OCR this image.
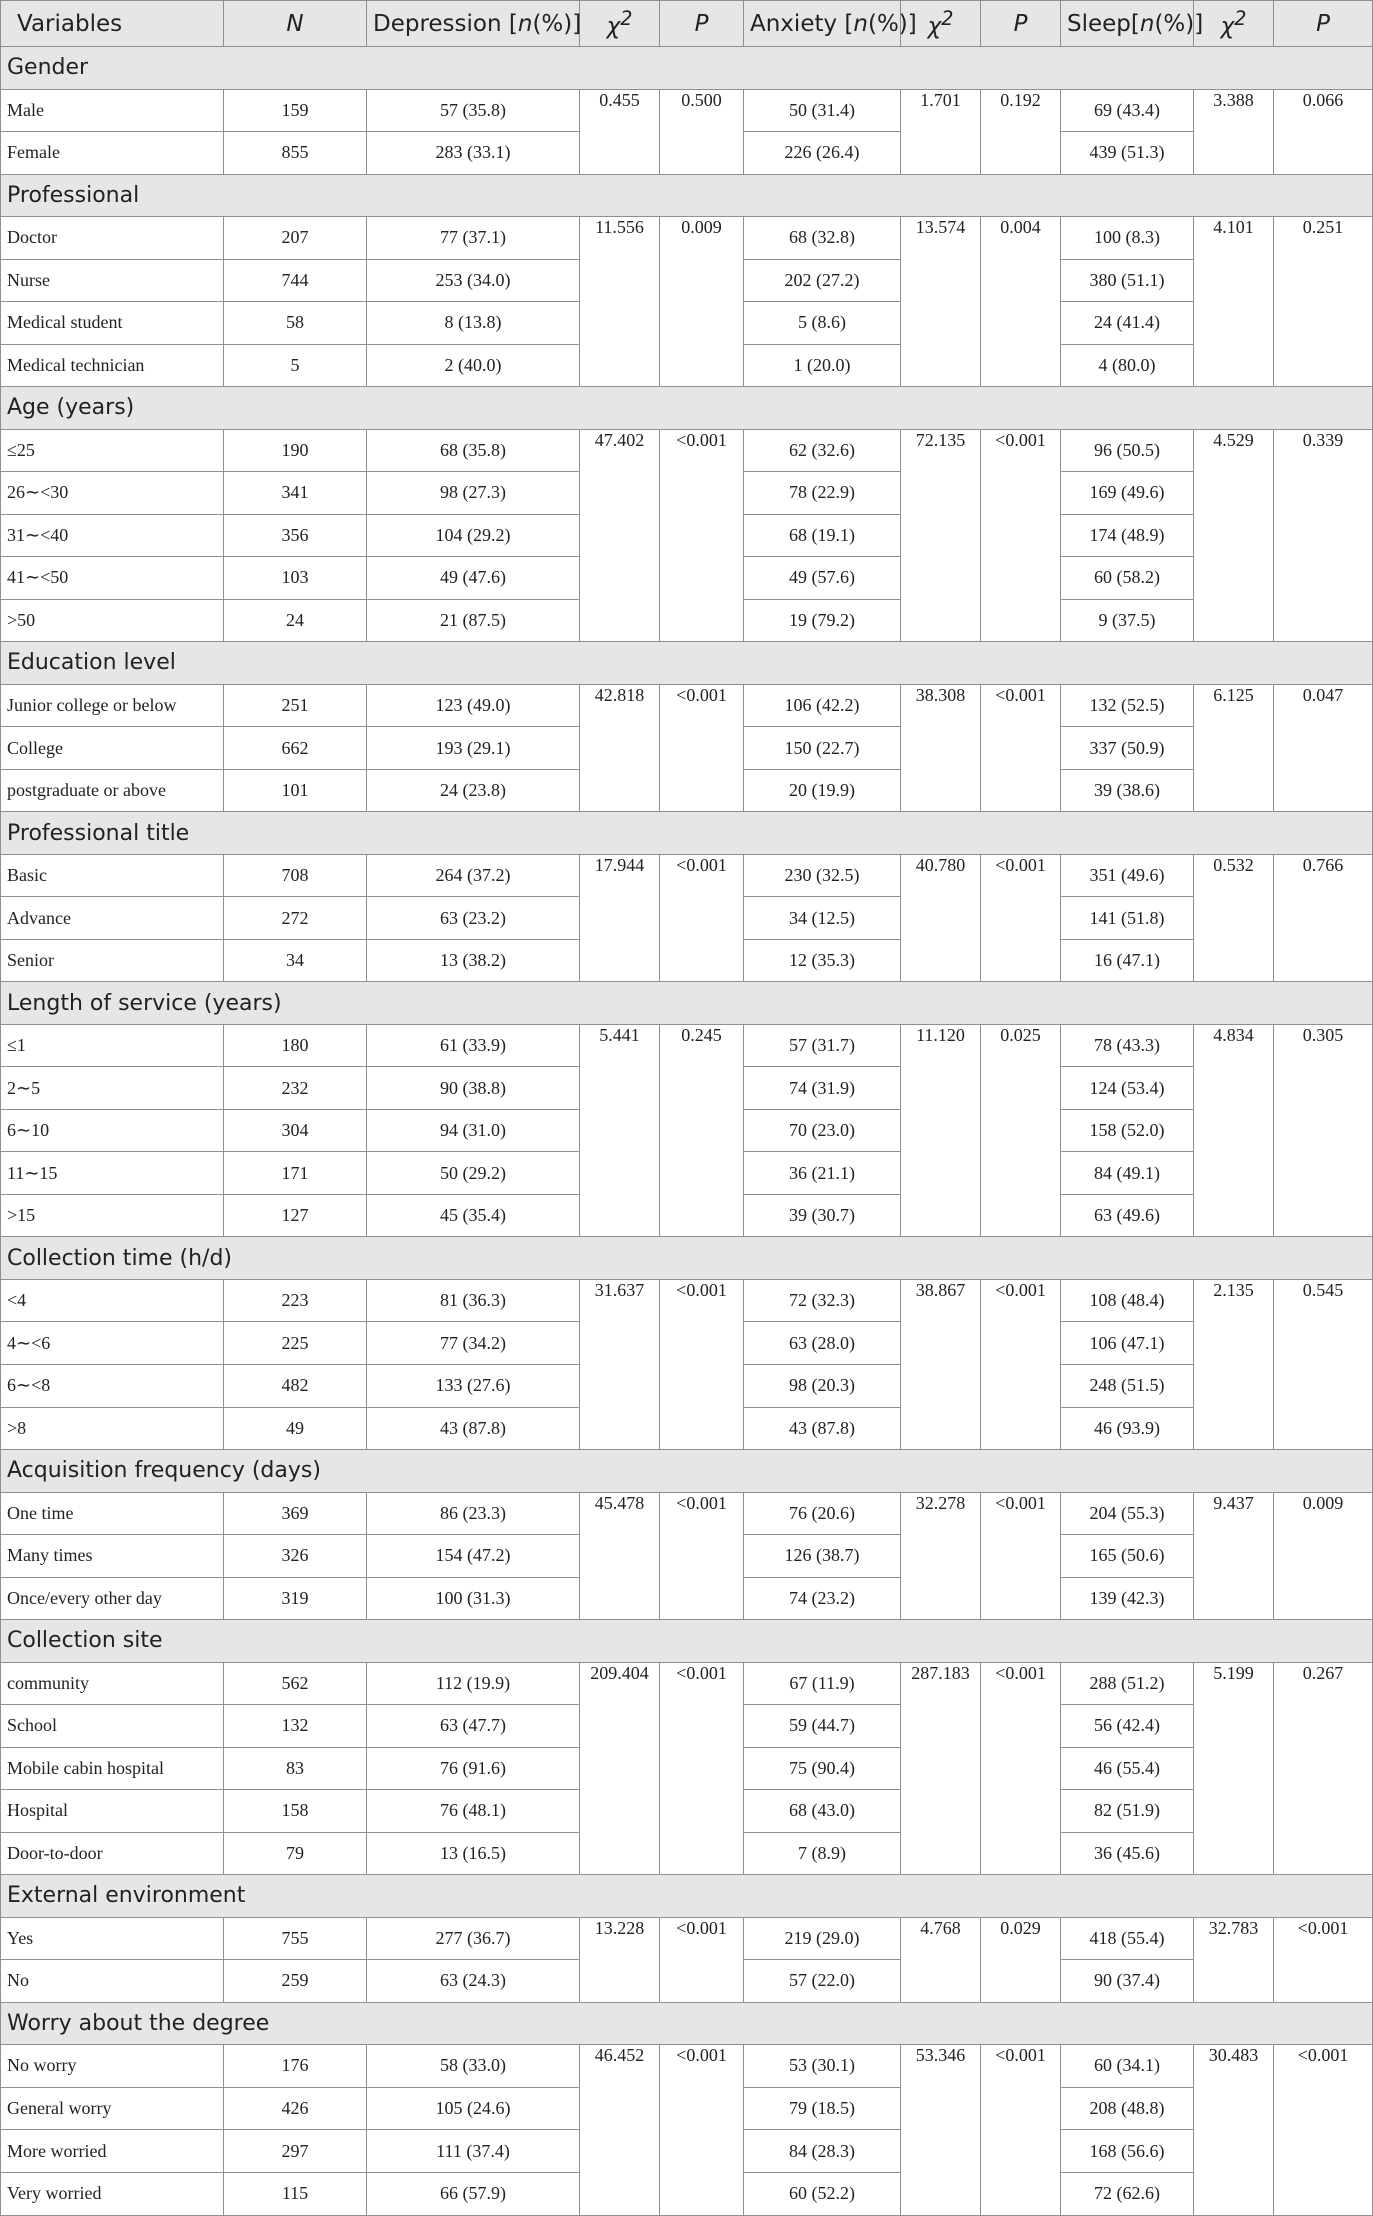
Variables	N	Depression [n(%)]	$\chi^2$	P	Anxiety [n(%)]	$\chi^2$	P	Sleep[n(%)]	$\chi^2$	P
Gender										
Male	159	57 (35.8)	0.455	0.500	50 (31.4)	1.701	0.192	69 (43.4)	3.388	0.066
Female	855	283 (33.1)			226 (26.4)			439 (51.3)		
Professional										
Doctor	207	77 (37.1)	11.556	0.009	68 (32.8)	13.574	0.004	100 (8.3)	4.101	0.251
Nurse	744	253 (34.0)			202 (27.2)			380 (51.1)		
Medical student	58	8 (13.8)			5 (8.6)			24 (41.4)		
Medical technician	5	2 (40.0)			1 (20.0)			4 (80.0)		
Age (years)										
≤25	190	68 (35.8)	47.402	<0.001	62 (32.6)	72.135	<0.001	96 (50.5)	4.529	0.339
26∼<30	341	98 (27.3)			78 (22.9)			169 (49.6)		
31∼<40	356	104 (29.2)			68 (19.1)			174 (48.9)		
41∼<50	103	49 (47.6)			49 (57.6)			60 (58.2)		
>50	24	21 (87.5)			19 (79.2)			9 (37.5)		
Education level										
Junior college or below	251	123 (49.0)	42.818	<0.001	106 (42.2)	38.308	<0.001	132 (52.5)	6.125	0.047
College	662	193 (29.1)			150 (22.7)			337 (50.9)		
postgraduate or above	101	24 (23.8)			20 (19.9)			39 (38.6)		
Professional title										
Basic	708	264 (37.2)	17.944	<0.001	230 (32.5)	40.780	<0.001	351 (49.6)	0.532	0.766
Advance	272	63 (23.2)			34 (12.5)			141 (51.8)		
Senior	34	13 (38.2)			12 (35.3)			16 (47.1)		
Length of service (years)										
≤1	180	61 (33.9)	5.441	0.245	57 (31.7)	11.120	0.025	78 (43.3)	4.834	0.305
2∼5	232	90 (38.8)			74 (31.9)			124 (53.4)		
6∼10	304	94 (31.0)			70 (23.0)			158 (52.0)		
11∼15	171	50 (29.2)			36 (21.1)			84 (49.1)		
>15	127	45 (35.4)			39 (30.7)			63 (49.6)		
Collection time (h/d)										
<4	223	81 (36.3)	31.637	<0.001	72 (32.3)	38.867	<0.001	108 (48.4)	2.135	0.545
4∼<6	225	77 (34.2)			63 (28.0)			106 (47.1)		
6∼<8	482	133 (27.6)			98 (20.3)			248 (51.5)		
>8	49	43 (87.8)			43 (87.8)			46 (93.9)		
Acquisition frequency (days)										
One time	369	86 (23.3)	45.478	<0.001	76 (20.6)	32.278	<0.001	204 (55.3)	9.437	0.009
Many times	326	154 (47.2)			126 (38.7)			165 (50.6)		
Once/every other day	319	100 (31.3)			74 (23.2)			139 (42.3)		
Collection site										
community	562	112 (19.9)	209.404	<0.001	67 (11.9)	287.183	<0.001	288 (51.2)	5.199	0.267
School	132	63 (47.7)			59 (44.7)			56 (42.4)		
Mobile cabin hospital	83	76 (91.6)			75 (90.4)			46 (55.4)		
Hospital	158	76 (48.1)			68 (43.0)			82 (51.9)		
Door-to-door	79	13 (16.5)			7 (8.9)			36 (45.6)		
External environment										
Yes	755	277 (36.7)	13.228	<0.001	219 (29.0)	4.768	0.029	418 (55.4)	32.783	<0.001
No	259	63 (24.3)			57 (22.0)			90 (37.4)		
Worry about the degree										
No worry	176	58 (33.0)	46.452	<0.001	53 (30.1)	53.346	<0.001	60 (34.1)	30.483	<0.001
General worry	426	105 (24.6)			79 (18.5)			208 (48.8)		
More worried	297	111 (37.4)			84 (28.3)			168 (56.6)		
Very worried	115	66 (57.9)			60 (52.2)			72 (62.6)		
